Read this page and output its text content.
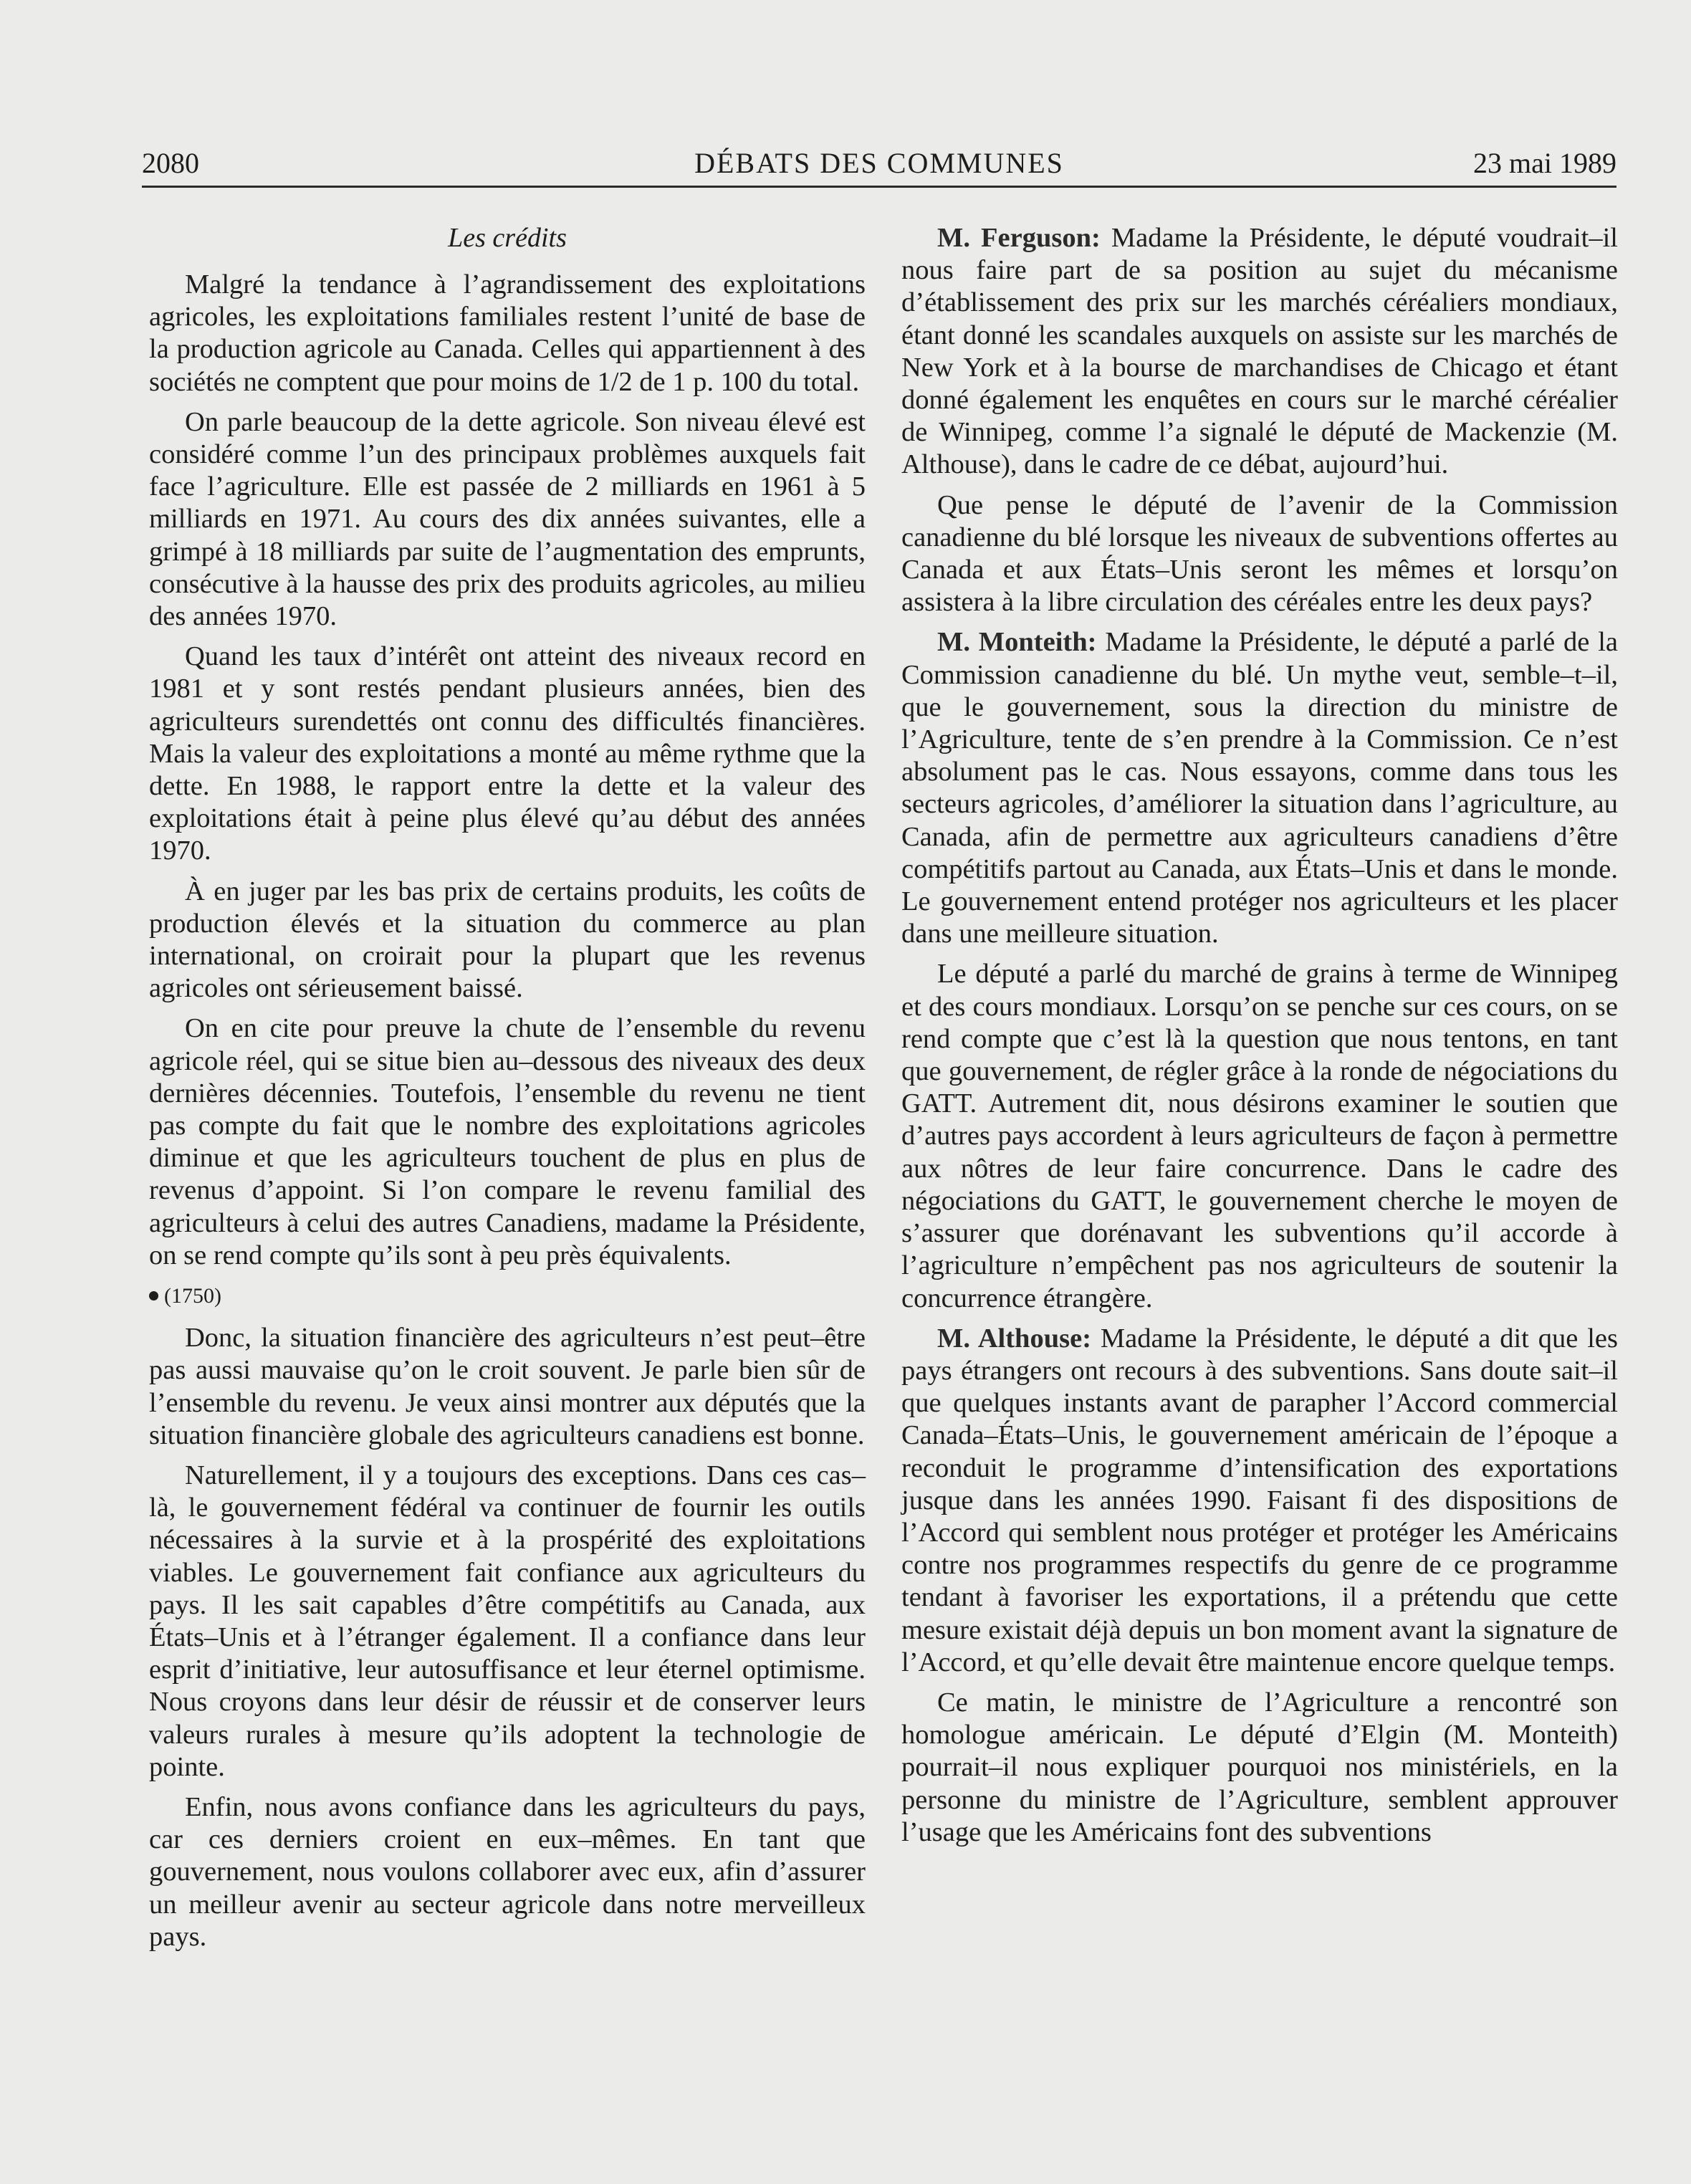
2080	DÉBATS DES COMMUNES	23 mai 1989
Les crédits

Malgré la tendance à l’agrandissement des exploitations agricoles, les exploitations familiales restent l’unité de base de la production agricole au Canada. Celles qui appartiennent à des sociétés ne comptent que pour moins de 1/2 de 1 p. 100 du total.

On parle beaucoup de la dette agricole. Son niveau élevé est considéré comme l’un des principaux problèmes auxquels fait face l’agriculture. Elle est passée de 2 milliards en 1961 à 5 milliards en 1971. Au cours des dix années suivantes, elle a grimpé à 18 milliards par suite de l’augmentation des emprunts, consécutive à la hausse des prix des produits agricoles, au milieu des années 1970.

Quand les taux d’intérêt ont atteint des niveaux record en 1981 et y sont restés pendant plusieurs années, bien des agriculteurs surendettés ont connu des difficultés financières. Mais la valeur des exploitations a monté au même rythme que la dette. En 1988, le rapport entre la dette et la valeur des exploitations était à peine plus élevé qu’au début des années 1970.

À en juger par les bas prix de certains produits, les coûts de production élevés et la situation du commerce au plan international, on croirait pour la plupart que les revenus agricoles ont sérieusement baissé.

On en cite pour preuve la chute de l’ensemble du revenu agricole réel, qui se situe bien au–dessous des niveaux des deux dernières décennies. Toutefois, l’ensemble du revenu ne tient pas compte du fait que le nombre des exploitations agricoles diminue et que les agriculteurs touchent de plus en plus de revenus d’appoint. Si l’on compare le revenu familial des agriculteurs à celui des autres Canadiens, madame la Présidente, on se rend compte qu’ils sont à peu près équivalents.

(1750)

Donc, la situation financière des agriculteurs n’est peut–être pas aussi mauvaise qu’on le croit souvent. Je parle bien sûr de l’ensemble du revenu. Je veux ainsi montrer aux députés que la situation financière globale des agriculteurs canadiens est bonne.

Naturellement, il y a toujours des exceptions. Dans ces cas–là, le gouvernement fédéral va continuer de fournir les outils nécessaires à la survie et à la prospérité des exploitations viables. Le gouvernement fait confiance aux agriculteurs du pays. Il les sait capables d’être compétitifs au Canada, aux États–Unis et à l’étranger également. Il a confiance dans leur esprit d’initiative, leur autosuffisance et leur éternel optimisme. Nous croyons dans leur désir de réussir et de conserver leurs valeurs rurales à mesure qu’ils adoptent la technologie de pointe.

Enfin, nous avons confiance dans les agriculteurs du pays, car ces derniers croient en eux–mêmes. En tant que gouvernement, nous voulons collaborer avec eux, afin d’assurer un meilleur avenir au secteur agricole dans notre merveilleux pays.

M. Ferguson: Madame la Présidente, le député voudrait–il nous faire part de sa position au sujet du mécanisme d’établissement des prix sur les marchés céréaliers mondiaux, étant donné les scandales auxquels on assiste sur les marchés de New York et à la bourse de marchandises de Chicago et étant donné également les enquêtes en cours sur le marché céréalier de Winnipeg, comme l’a signalé le député de Mackenzie (M. Althouse), dans le cadre de ce débat, aujourd’hui.

Que pense le député de l’avenir de la Commission canadienne du blé lorsque les niveaux de subventions offertes au Canada et aux États–Unis seront les mêmes et lorsqu’on assistera à la libre circulation des céréales entre les deux pays?

M. Monteith: Madame la Présidente, le député a parlé de la Commission canadienne du blé. Un mythe veut, semble–t–il, que le gouvernement, sous la direction du ministre de l’Agriculture, tente de s’en prendre à la Commission. Ce n’est absolument pas le cas. Nous essayons, comme dans tous les secteurs agricoles, d’améliorer la situation dans l’agriculture, au Canada, afin de permettre aux agriculteurs canadiens d’être compétitifs partout au Canada, aux États–Unis et dans le monde. Le gouvernement entend protéger nos agriculteurs et les placer dans une meilleure situation.

Le député a parlé du marché de grains à terme de Winnipeg et des cours mondiaux. Lorsqu’on se penche sur ces cours, on se rend compte que c’est là la question que nous tentons, en tant que gouvernement, de régler grâce à la ronde de négociations du GATT. Autrement dit, nous désirons examiner le soutien que d’autres pays accordent à leurs agriculteurs de façon à permettre aux nôtres de leur faire concurrence. Dans le cadre des négociations du GATT, le gouvernement cherche le moyen de s’assurer que dorénavant les subventions qu’il accorde à l’agriculture n’empêchent pas nos agriculteurs de soutenir la concurrence étrangère.

M. Althouse: Madame la Présidente, le député a dit que les pays étrangers ont recours à des subventions. Sans doute sait–il que quelques instants avant de parapher l’Accord commercial Canada–États–Unis, le gouvernement américain de l’époque a reconduit le programme d’intensification des exportations jusque dans les années 1990. Faisant fi des dispositions de l’Accord qui semblent nous protéger et protéger les Américains contre nos programmes respectifs du genre de ce programme tendant à favoriser les exportations, il a prétendu que cette mesure existait déjà depuis un bon moment avant la signature de l’Accord, et qu’elle devait être maintenue encore quelque temps.

Ce matin, le ministre de l’Agriculture a rencontré son homologue américain. Le député d’Elgin (M. Monteith) pourrait–il nous expliquer pourquoi nos ministériels, en la personne du ministre de l’Agriculture, semblent approuver l’usage que les Américains font des subventions
